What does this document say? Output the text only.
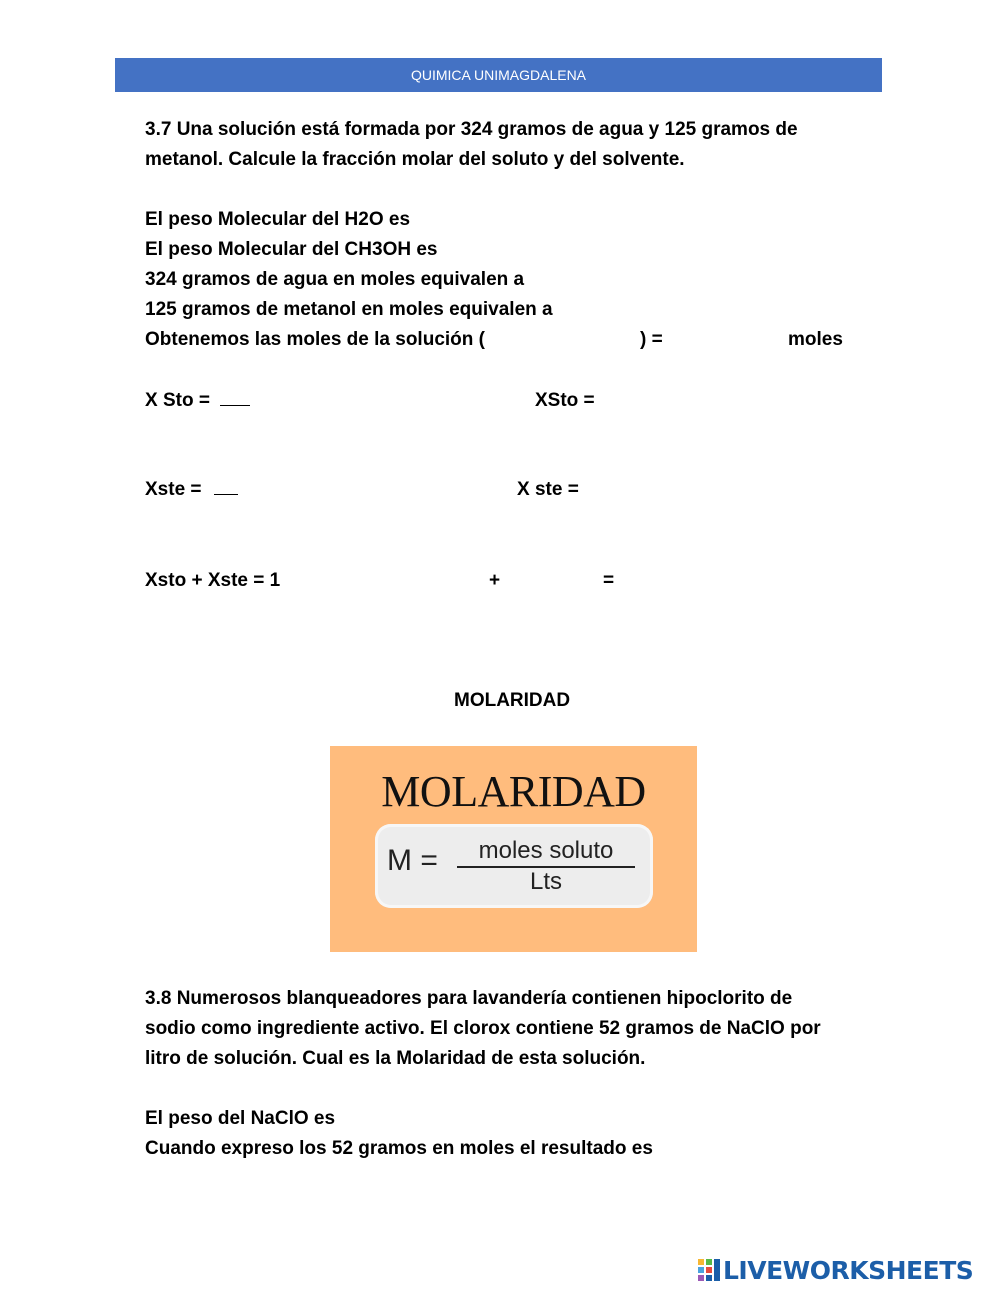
QUIMICA UNIMAGDALENA
3.7 Una solución está formada por 324 gramos de agua y 125 gramos de
metanol. Calcule la fracción molar del soluto y del solvente.
El peso Molecular del H2O es
El peso Molecular del CH3OH es
324 gramos de agua en moles equivalen a
125 gramos de metanol en moles equivalen a
Obtenemos las moles de la solución (	) =	moles
X Sto =	XSto =
Xste =	X ste =
Xsto + Xste = 1	+	=
MOLARIDAD
MOLARIDAD
M =	moles soluto
Lts
3.8 Numerosos blanqueadores para lavandería contienen hipoclorito de
sodio como ingrediente activo. El clorox contiene 52 gramos de NaClO por
litro de solución. Cual es la Molaridad de esta solución.
El peso del NaClO es
Cuando expreso los 52 gramos en moles el resultado es
LIVEWORKSHEETS
